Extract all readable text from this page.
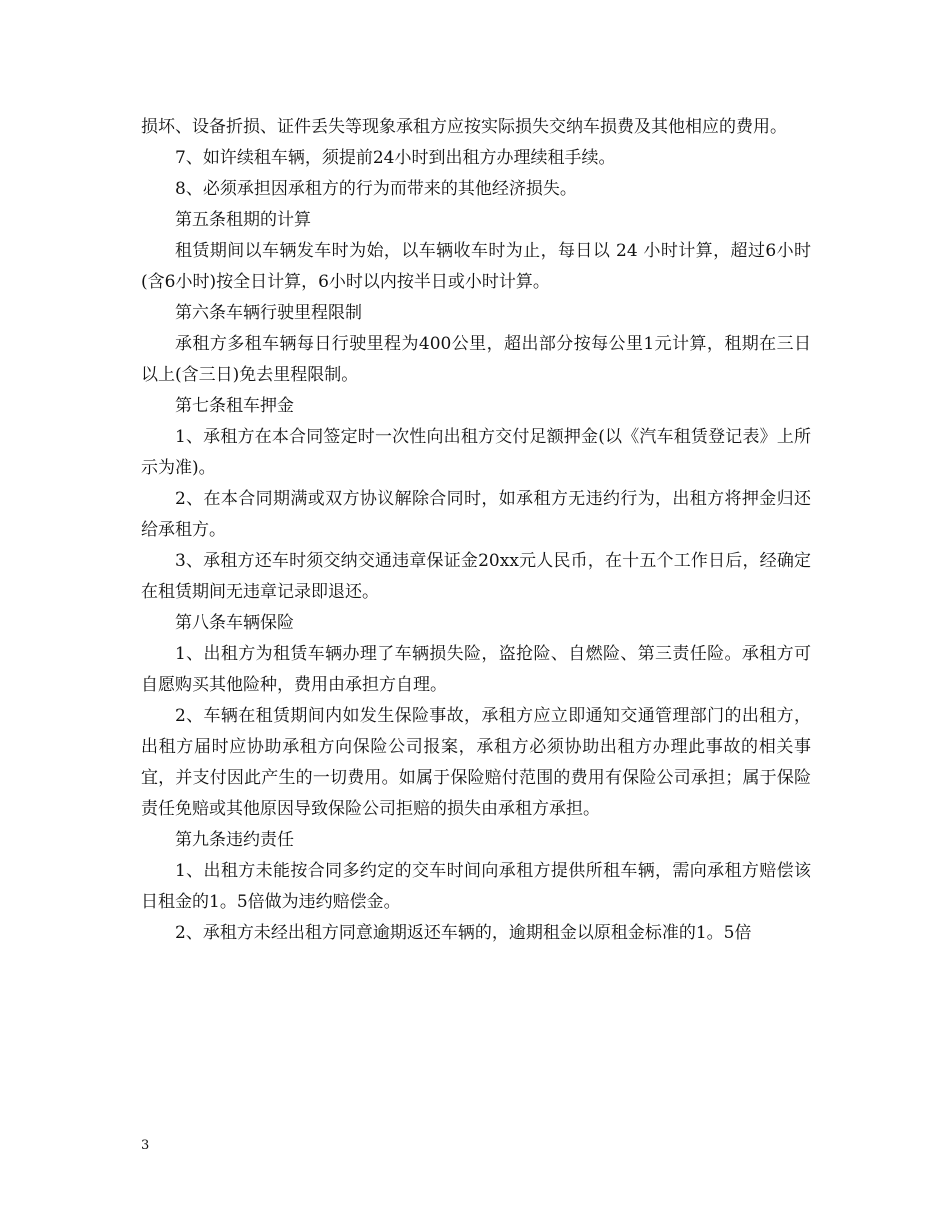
损坏、设备折损、证件丢失等现象承租方应按实际损失交纳车损费及其他相应的费用。

7、如许续租车辆，须提前24小时到出租方办理续租手续。

8、必须承担因承租方的行为而带来的其他经济损失。

第五条租期的计算

租赁期间以车辆发车时为始，以车辆收车时为止，每日以 24 小时计算，超过6小时(含6小时)按全日计算，6小时以内按半日或小时计算。

第六条车辆行驶里程限制

承租方多租车辆每日行驶里程为400公里，超出部分按每公里1元计算，租期在三日以上(含三日)免去里程限制。

第七条租车押金

1、承租方在本合同签定时一次性向出租方交付足额押金(以《汽车租赁登记表》上所示为准)。

2、在本合同期满或双方协议解除合同时，如承租方无违约行为，出租方将押金归还给承租方。

3、承租方还车时须交纳交通违章保证金20xx元人民币，在十五个工作日后，经确定在租赁期间无违章记录即退还。

第八条车辆保险

1、出租方为租赁车辆办理了车辆损失险，盗抢险、自燃险、第三责任险。承租方可自愿购买其他险种，费用由承担方自理。

2、车辆在租赁期间内如发生保险事故，承租方应立即通知交通管理部门的出租方，出租方届时应协助承租方向保险公司报案，承租方必须协助出租方办理此事故的相关事宜，并支付因此产生的一切费用。如属于保险赔付范围的费用有保险公司承担；属于保险责任免赔或其他原因导致保险公司拒赔的损失由承租方承担。

第九条违约责任

1、出租方未能按合同多约定的交车时间向承租方提供所租车辆，需向承租方赔偿该日租金的1。5倍做为违约赔偿金。

2、承租方未经出租方同意逾期返还车辆的，逾期租金以原租金标准的1。5倍

3
